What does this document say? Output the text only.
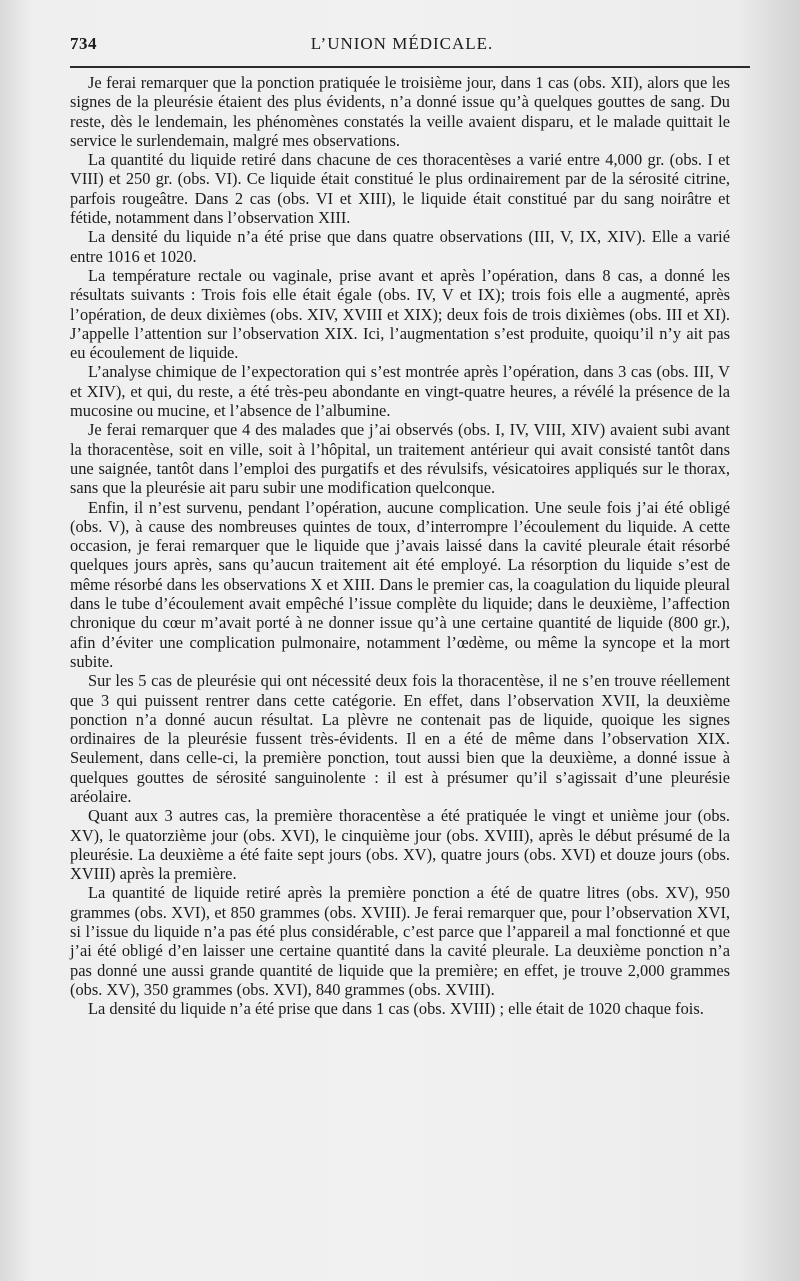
734	L’UNION MÉDICALE.

Je ferai remarquer que la ponction pratiquée le troisième jour, dans 1 cas (obs. XII), alors que les signes de la pleurésie étaient des plus évidents, n’a donné issue qu’à quelques gouttes de sang. Du reste, dès le lendemain, les phénomènes constatés la veille avaient disparu, et le malade quittait le service le surlendemain, malgré mes observations.

La quantité du liquide retiré dans chacune de ces thoracentèses a varié entre 4,000 gr. (obs. I et VIII) et 250 gr. (obs. VI). Ce liquide était constitué le plus ordinairement par de la sérosité citrine, parfois rougeâtre. Dans 2 cas (obs. VI et XIII), le liquide était constitué par du sang noirâtre et fétide, notamment dans l’observation XIII.

La densité du liquide n’a été prise que dans quatre observations (III, V, IX, XIV). Elle a varié entre 1016 et 1020.

La température rectale ou vaginale, prise avant et après l’opération, dans 8 cas, a donné les résultats suivants : Trois fois elle était égale (obs. IV, V et IX); trois fois elle a augmenté, après l’opération, de deux dixièmes (obs. XIV, XVIII et XIX); deux fois de trois dixièmes (obs. III et XI). J’appelle l’attention sur l’observation XIX. Ici, l’augmentation s’est produite, quoiqu’il n’y ait pas eu écoulement de liquide.

L’analyse chimique de l’expectoration qui s’est montrée après l’opération, dans 3 cas (obs. III, V et XIV), et qui, du reste, a été très-peu abondante en vingt-quatre heures, a révélé la présence de la mucosine ou mucine, et l’absence de l’albumine.

Je ferai remarquer que 4 des malades que j’ai observés (obs. I, IV, VIII, XIV) avaient subi avant la thoracentèse, soit en ville, soit à l’hôpital, un traitement antérieur qui avait consisté tantôt dans une saignée, tantôt dans l’emploi des purgatifs et des révulsifs, vésicatoires appliqués sur le thorax, sans que la pleurésie ait paru subir une modification quelconque.

Enfin, il n’est survenu, pendant l’opération, aucune complication. Une seule fois j’ai été obligé (obs. V), à cause des nombreuses quintes de toux, d’interrompre l’écoulement du liquide. A cette occasion, je ferai remarquer que le liquide que j’avais laissé dans la cavité pleurale était résorbé quelques jours après, sans qu’aucun traitement ait été employé. La résorption du liquide s’est de même résorbé dans les observations X et XIII. Dans le premier cas, la coagulation du liquide pleural dans le tube d’écoulement avait empêché l’issue complète du liquide; dans le deuxième, l’affection chronique du cœur m’avait porté à ne donner issue qu’à une certaine quantité de liquide (800 gr.), afin d’éviter une complication pulmonaire, notamment l’œdème, ou même la syncope et la mort subite.

Sur les 5 cas de pleurésie qui ont nécessité deux fois la thoracentèse, il ne s’en trouve réellement que 3 qui puissent rentrer dans cette catégorie. En effet, dans l’observation XVII, la deuxième ponction n’a donné aucun résultat. La plèvre ne contenait pas de liquide, quoique les signes ordinaires de la pleurésie fussent très-évidents. Il en a été de même dans l’observation XIX. Seulement, dans celle-ci, la première ponction, tout aussi bien que la deuxième, a donné issue à quelques gouttes de sérosité sanguinolente : il est à présumer qu’il s’agissait d’une pleurésie aréolaire.

Quant aux 3 autres cas, la première thoracentèse a été pratiquée le vingt et unième jour (obs. XV), le quatorzième jour (obs. XVI), le cinquième jour (obs. XVIII), après le début présumé de la pleurésie. La deuxième a été faite sept jours (obs. XV), quatre jours (obs. XVI) et douze jours (obs. XVIII) après la première.

La quantité de liquide retiré après la première ponction a été de quatre litres (obs. XV), 950 grammes (obs. XVI), et 850 grammes (obs. XVIII). Je ferai remarquer que, pour l’observation XVI, si l’issue du liquide n’a pas été plus considérable, c’est parce que l’appareil a mal fonctionné et que j’ai été obligé d’en laisser une certaine quantité dans la cavité pleurale. La deuxième ponction n’a pas donné une aussi grande quantité de liquide que la première; en effet, je trouve 2,000 grammes (obs. XV), 350 grammes (obs. XVI), 840 grammes (obs. XVIII).

La densité du liquide n’a été prise que dans 1 cas (obs. XVIII) ; elle était de 1020 chaque fois.
